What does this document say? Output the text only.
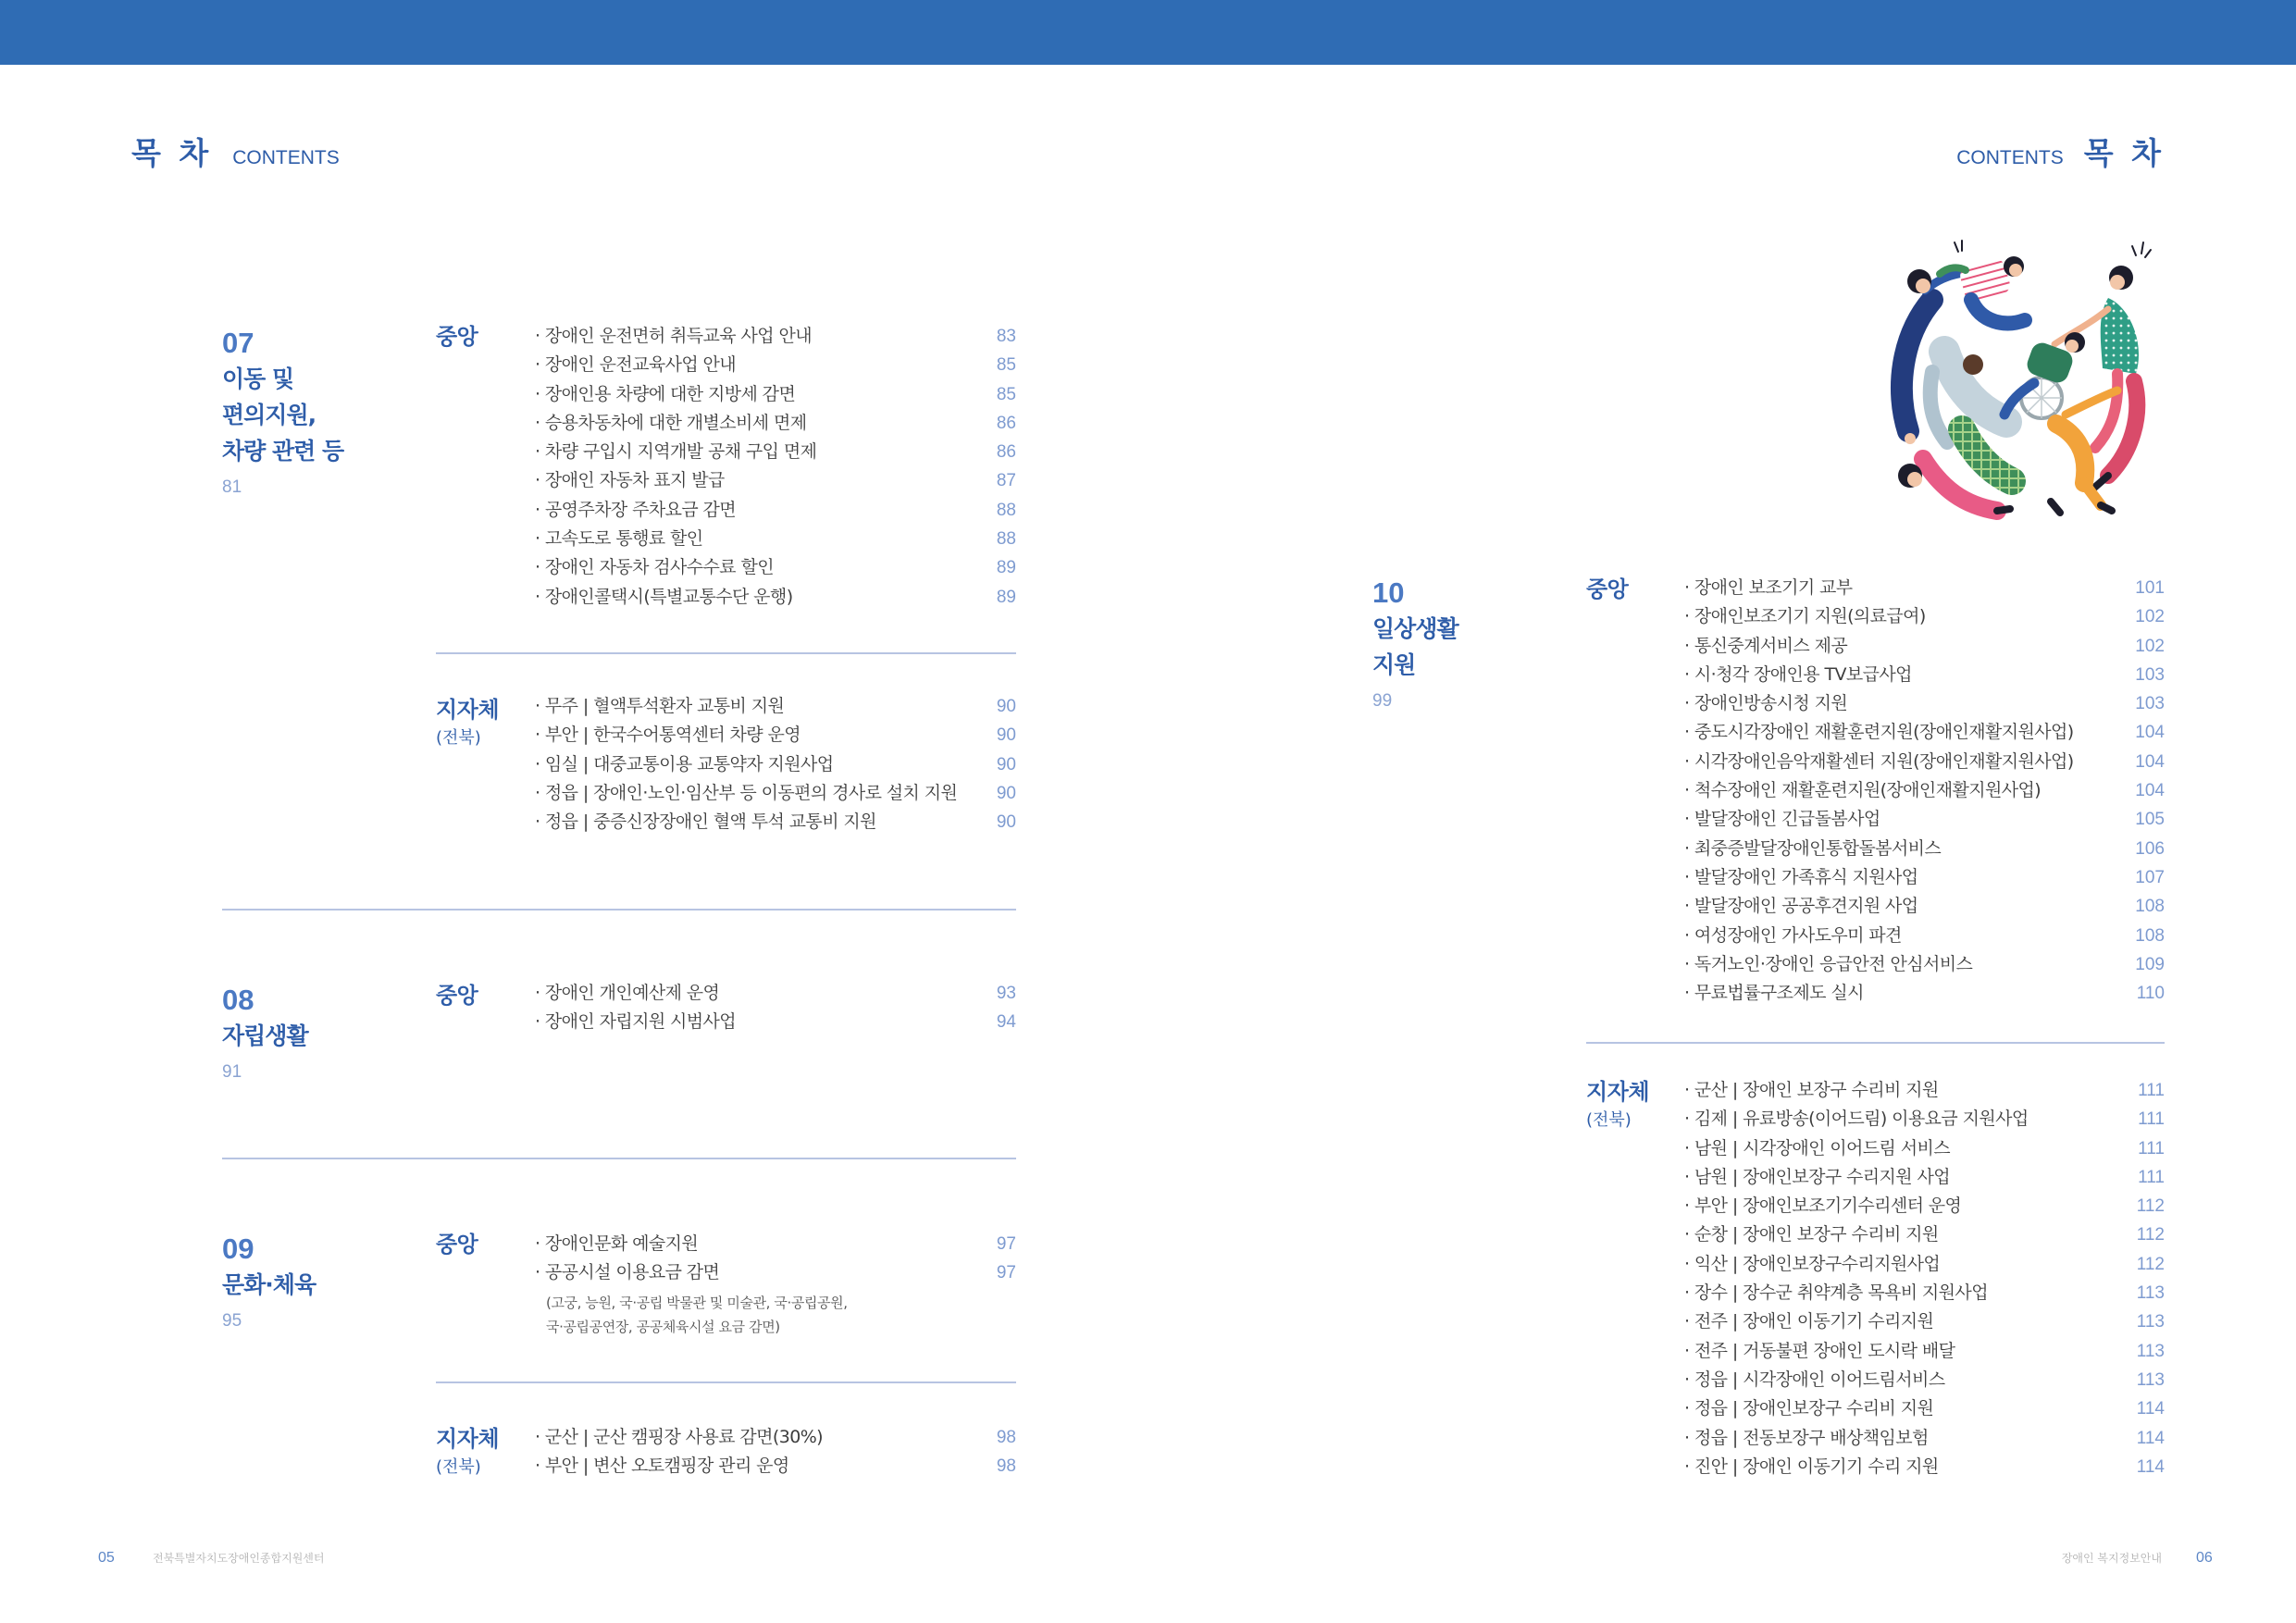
목 차 CONTENTS	CONTENTS 목 차
07
이동 및
편의지원,
차량 관련 등
81
중앙	· 장애인 운전면허 취득교육 사업 안내	83
· 장애인 운전교육사업 안내	85
· 장애인용 차량에 대한 지방세 감면	85
· 승용차동차에 대한 개별소비세 면제	86
· 차량 구입시 지역개발 공채 구입 면제	86
· 장애인 자동차 표지 발급	87
· 공영주차장 주차요금 감면	88
· 고속도로 통행료 할인	88
· 장애인 자동차 검사수수료 할인	89
· 장애인콜택시(특별교통수단 운행)	89
지자체
(전북)
· 무주 | 혈액투석환자 교통비 지원	90
· 부안 | 한국수어통역센터 차량 운영	90
· 임실 | 대중교통이용 교통약자 지원사업	90
· 정읍 | 장애인·노인·임산부 등 이동편의 경사로 설치 지원 90
· 정읍 | 중증신장장애인 혈액 투석 교통비 지원	90
08
자립생활
91
중앙	· 장애인 개인예산제 운영	93
· 장애인 자립지원 시범사업	94
09
문화·체육
95
중앙	· 장애인문화 예술지원	97
· 공공시설 이용요금 감면	97
(고궁, 능원, 국·공립 박물관 및 미술관, 국·공립공원,
국·공립공연장, 공공체육시설 요금 감면)
지자체
(전북)
· 군산 | 군산 캠핑장 사용료 감면(30%)	98
· 부안 | 변산 오토캠핑장 관리 운영	98
10
일상생활
지원
99
중앙	· 장애인 보조기기 교부	101
· 장애인보조기기 지원(의료급여)	102
· 통신중계서비스 제공	102
· 시·청각 장애인용 TV보급사업	103
· 장애인방송시청 지원	103
· 중도시각장애인 재활훈련지원(장애인재활지원사업)	104
· 시각장애인음악재활센터 지원(장애인재활지원사업)	104
· 척수장애인 재활훈련지원(장애인재활지원사업)	104
· 발달장애인 긴급돌봄사업	105
· 최중증발달장애인통합돌봄서비스	106
· 발달장애인 가족휴식 지원사업	107
· 발달장애인 공공후견지원 사업	108
· 여성장애인 가사도우미 파견	108
· 독거노인·장애인 응급안전 안심서비스	109
· 무료법률구조제도 실시	110
지자체
(전북)
· 군산 | 장애인 보장구 수리비 지원	111
· 김제 | 유료방송(이어드림) 이용요금 지원사업	111
· 남원 | 시각장애인 이어드림 서비스	111
· 남원 | 장애인보장구 수리지원 사업	111
· 부안 | 장애인보조기기수리센터 운영	112
· 순창 | 장애인 보장구 수리비 지원	112
· 익산 | 장애인보장구수리지원사업	112
· 장수 | 장수군 취약계층 목욕비 지원사업	113
· 전주 | 장애인 이동기기 수리지원	113
· 전주 | 거동불편 장애인 도시락 배달	113
· 정읍 | 시각장애인 이어드림서비스	113
· 정읍 | 장애인보장구 수리비 지원	114
· 정읍 | 전동보장구 배상책임보험	114
· 진안 | 장애인 이동기기 수리 지원	114
05	전북특별자치도장애인종합지원센터	장애인 복지정보안내 06
